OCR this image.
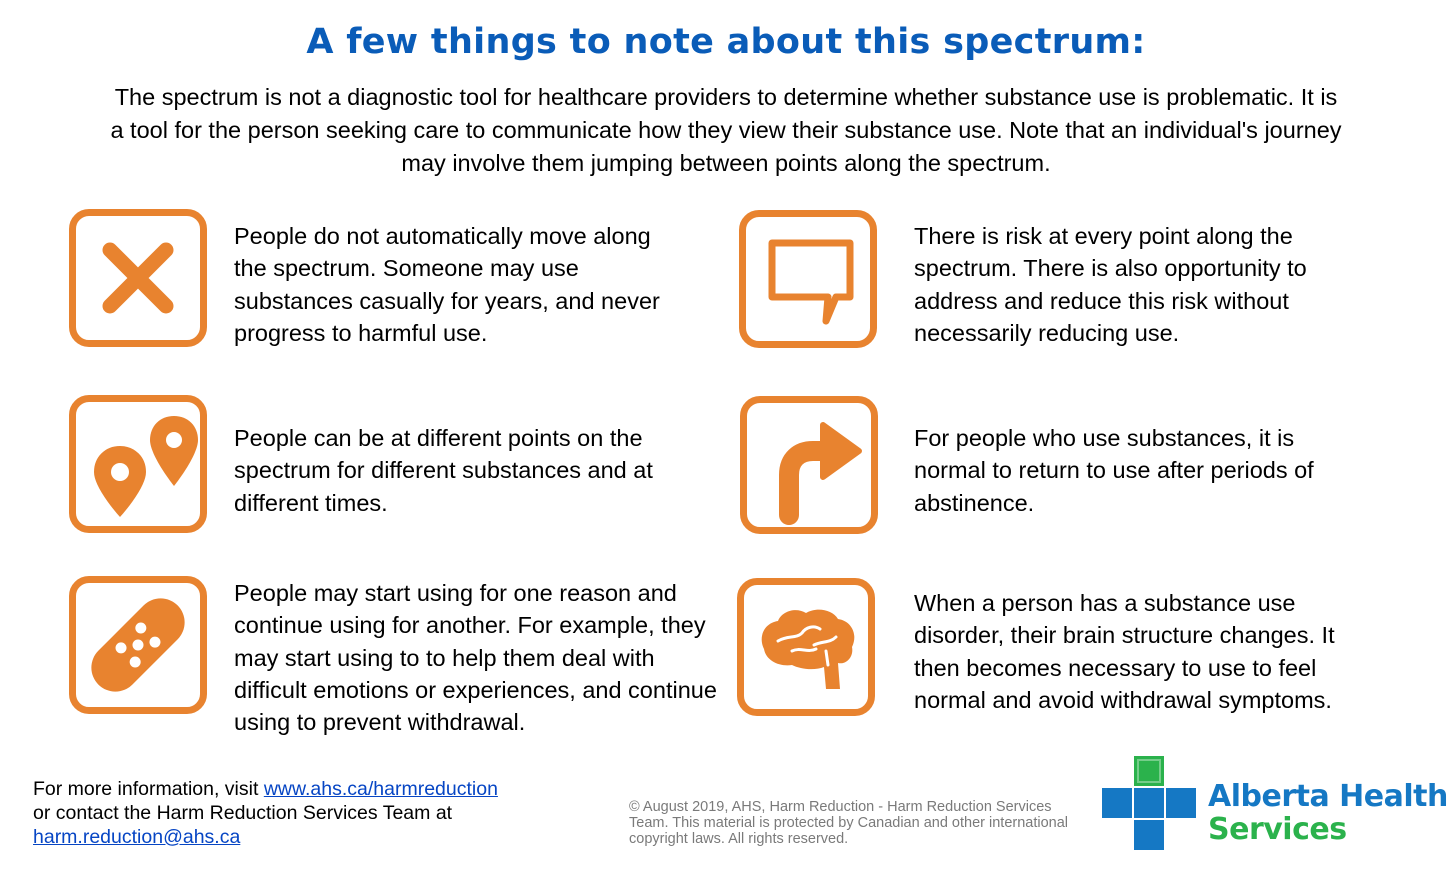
A few things to note about this spectrum:
The spectrum is not a diagnostic tool for healthcare providers to determine whether substance use is problematic. It is a tool for the person seeking care to communicate how they view their substance use. Note that an individual's journey may involve them jumping between points along the spectrum.
People do not automatically move along the spectrum. Someone may use substances casually for years, and never progress to harmful use.
There is risk at every point along the spectrum. There is also opportunity to address and reduce this risk without necessarily reducing use.
People can be at different points on the spectrum for different substances and at different times.
For people who use substances, it is normal to return to use after periods of abstinence.
People may start using for one reason and continue using for another. For example, they may start using to to help them deal with difficult emotions or experiences, and continue using to prevent withdrawal.
When a person has a substance use disorder, their brain structure changes. It then becomes necessary to use to feel normal and avoid withdrawal symptoms.
For more information, visit www.ahs.ca/harmreduction
or contact the Harm Reduction Services Team at
harm.reduction@ahs.ca
© August 2019, AHS, Harm Reduction - Harm Reduction Services Team. This material is protected by Canadian and other international copyright laws. All rights reserved.
Alberta Health
Services
